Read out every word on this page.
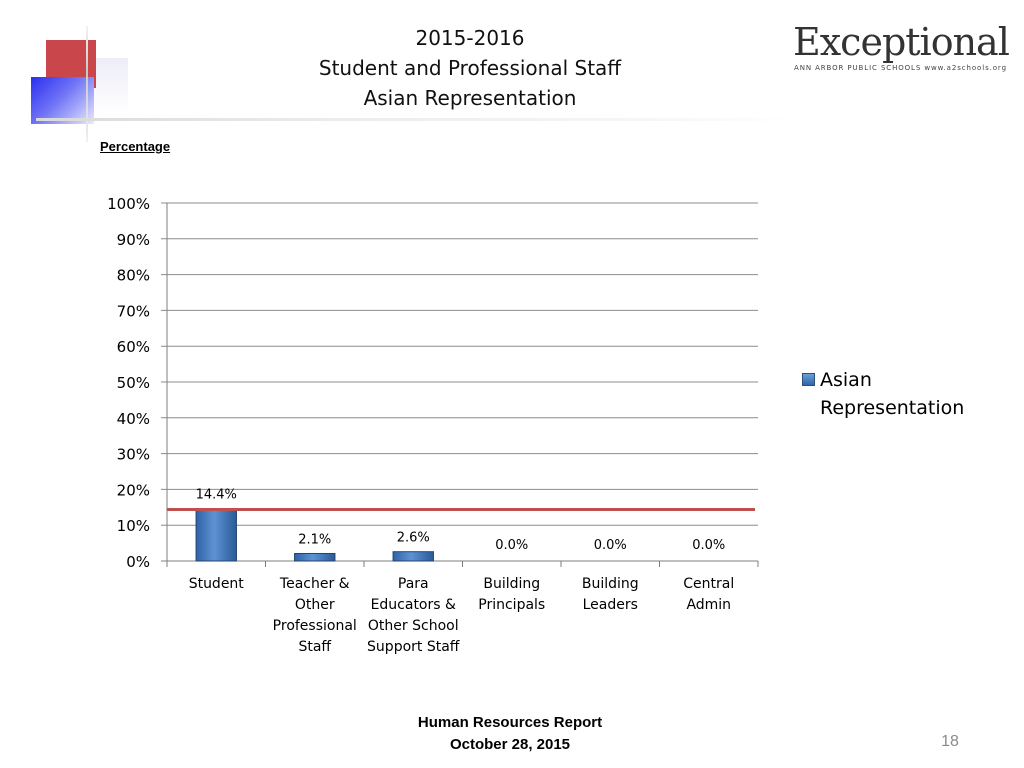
2015-2016
Student and Professional Staff
Asian Representation
Exceptional
ANN ARBOR PUBLIC SCHOOLS www.a2schools.org
Percentage
0%
10%
20%
30%
40%
50%
60%
70%
80%
90%
100%
14.4%
Student
2.1%
Teacher &
Other
Professional
Staff
2.6%
Para
Educators &
Other School
Support Staff
0.0%
Building
Principals
0.0%
Building
Leaders
0.0%
Central
Admin
Asian Representation
Human Resources Report
October 28, 2015	18
